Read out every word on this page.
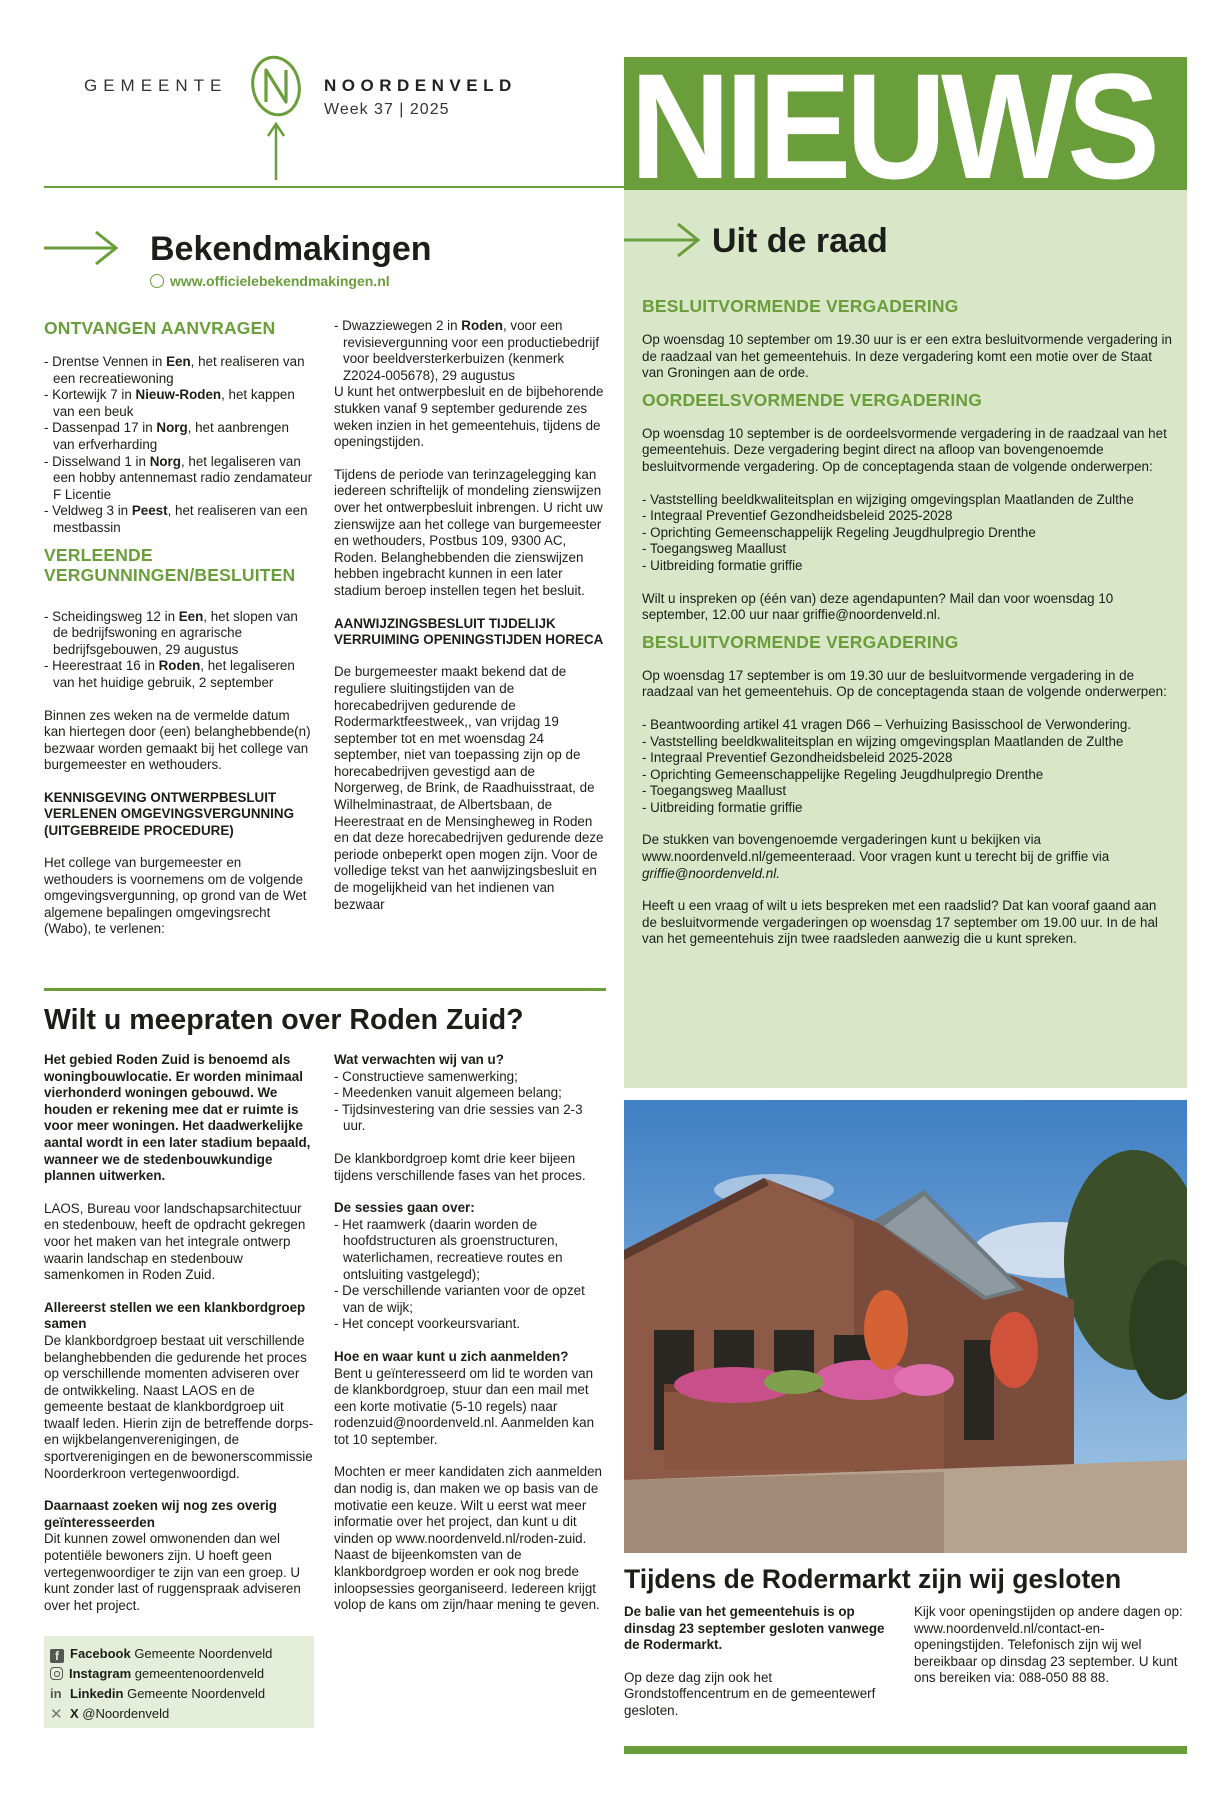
GEMEENTE	NOORDENVELD
Week 37 | 2025 NIEUWS
Bekendmakingen
www.officielebekendmakingen.nl
ONTVANGEN AANVRAGEN

- Drentse Vennen in Een, het realiseren van een recreatiewoning

- Kortewijk 7 in Nieuw-Roden, het kappen van een beuk

- Dassenpad 17 in Norg, het aanbrengen van erfverharding

- Disselwand 1 in Norg, het legaliseren van een hobby antennemast radio zendamateur F Licentie

- Veldweg 3 in Peest, het realiseren van een mestbassin

VERLEENDE VERGUNNINGEN/BESLUITEN

- Scheidingsweg 12 in Een, het slopen van de bedrijfswoning en agrarische bedrijfsgebouwen, 29 augustus

- Heerestraat 16 in Roden, het legaliseren van het huidige gebruik, 2 september

Binnen zes weken na de vermelde datum kan hiertegen door (een) belanghebbende(n) bezwaar worden gemaakt bij het college van burgemeester en wethouders.

KENNISGEVING ONTWERPBESLUIT VERLENEN OMGEVINGSVERGUNNING (UITGEBREIDE PROCEDURE)

Het college van burgemeester en wethouders is voornemens om de volgende omgevingsvergunning, op grond van de Wet algemene bepalingen omgevingsrecht (Wabo), te verlenen:

- Dwazziewegen 2 in Roden, voor een revisievergunning voor een productiebedrijf voor beeldversterkerbuizen (kenmerk Z2024-005678), 29 augustus

U kunt het ontwerpbesluit en de bijbehorende stukken vanaf 9 september gedurende zes weken inzien in het gemeentehuis, tijdens de openingstijden.

Tijdens de periode van terinzagelegging kan iedereen schriftelijk of mondeling zienswijzen over het ontwerpbesluit inbrengen. U richt uw zienswijze aan het college van burgemeester en wethouders, Postbus 109, 9300 AC, Roden. Belanghebbenden die zienswijzen hebben ingebracht kunnen in een later stadium beroep instellen tegen het besluit.

AANWIJZINGSBESLUIT TIJDELIJK VERRUIMING OPENINGSTIJDEN HORECA

De burgemeester maakt bekend dat de reguliere sluitingstijden van de horecabedrijven gedurende de Rodermarktfeestweek,, van vrijdag 19 september tot en met woensdag 24 september, niet van toepassing zijn op de horecabedrijven gevestigd aan de Norgerweg, de Brink, de Raadhuisstraat, de Wilhelminastraat, de Albertsbaan, de Heerestraat en de Mensingheweg in Roden en dat deze horecabedrijven gedurende deze periode onbeperkt open mogen zijn. Voor de volledige tekst van het aanwijzingsbesluit en de mogelijkheid van het indienen van bezwaar

Uit de raad
BESLUITVORMENDE VERGADERING

Op woensdag 10 september om 19.30 uur is er een extra besluitvormende vergadering in de raadzaal van het gemeentehuis. In deze vergadering komt een motie over de Staat van Groningen aan de orde.

OORDEELSVORMENDE VERGADERING

Op woensdag 10 september is de oordeelsvormende vergadering in de raadzaal van het gemeentehuis. Deze vergadering begint direct na afloop van bovengenoemde besluitvormende vergadering. Op de conceptagenda staan de volgende onderwerpen:

- Vaststelling beeldkwaliteitsplan en wijziging omgevingsplan Maatlanden de Zulthe

- Integraal Preventief Gezondheidsbeleid 2025-2028

- Oprichting Gemeenschappelijk Regeling Jeugdhulpregio Drenthe

- Toegangsweg Maallust

- Uitbreiding formatie griffie

Wilt u inspreken op (één van) deze agendapunten? Mail dan voor woensdag 10 september, 12.00 uur naar griffie@noordenveld.nl.

BESLUITVORMENDE VERGADERING

Op woensdag 17 september is om 19.30 uur de besluitvormende vergadering in de raadzaal van het gemeentehuis. Op de conceptagenda staan de volgende onderwerpen:

- Beantwoording artikel 41 vragen D66 – Verhuizing Basisschool de Verwondering.

- Vaststelling beeldkwaliteitsplan en wijzing omgevingsplan Maatlanden de Zulthe

- Integraal Preventief Gezondheidsbeleid 2025-2028

- Oprichting Gemeenschappelijke Regeling Jeugdhulpregio Drenthe

- Toegangsweg Maallust

- Uitbreiding formatie griffie

De stukken van bovengenoemde vergaderingen kunt u bekijken via www.noordenveld.nl/gemeenteraad. Voor vragen kunt u terecht bij de griffie via griffie@noordenveld.nl.

Heeft u een vraag of wilt u iets bespreken met een raadslid? Dat kan vooraf gaand aan de besluitvormende vergaderingen op woensdag 17 september om 19.00 uur. In de hal van het gemeentehuis zijn twee raadsleden aanwezig die u kunt spreken.

Wilt u meepraten over Roden Zuid?

Het gebied Roden Zuid is benoemd als woningbouwlocatie. Er worden minimaal vierhonderd woningen gebouwd. We houden er rekening mee dat er ruimte is voor meer woningen. Het daadwerkelijke aantal wordt in een later stadium bepaald, wanneer we de stedenbouwkundige plannen uitwerken.

LAOS, Bureau voor landschapsarchitectuur en stedenbouw, heeft de opdracht gekregen voor het maken van het integrale ontwerp waarin landschap en stedenbouw samenkomen in Roden Zuid.

Allereerst stellen we een klankbordgroep samen

De klankbordgroep bestaat uit verschillende belanghebbenden die gedurende het proces op verschillende momenten adviseren over de ontwikkeling. Naast LAOS en de gemeente bestaat de klankbordgroep uit twaalf leden. Hierin zijn de betreffende dorps- en wijkbelangenverenigingen, de sportverenigingen en de bewonerscommissie Noorderkroon vertegenwoordigd.

Daarnaast zoeken wij nog zes overig geïnteresseerden

Dit kunnen zowel omwonenden dan wel potentiële bewoners zijn. U hoeft geen vertegenwoordiger te zijn van een groep. U kunt zonder last of ruggenspraak adviseren over het project.

Wat verwachten wij van u?

- Constructieve samenwerking;

- Meedenken vanuit algemeen belang;

- Tijdsinvestering van drie sessies van 2-3 uur.

De klankbordgroep komt drie keer bijeen tijdens verschillende fases van het proces.

De sessies gaan over:

- Het raamwerk (daarin worden de hoofdstructuren als groenstructuren, waterlichamen, recreatieve routes en ontsluiting vastgelegd);

- De verschillende varianten voor de opzet van de wijk;

- Het concept voorkeursvariant.

Hoe en waar kunt u zich aanmelden?

Bent u geïnteresseerd om lid te worden van de klankbordgroep, stuur dan een mail met een korte motivatie (5-10 regels) naar rodenzuid@noordenveld.nl. Aanmelden kan tot 10 september.

Mochten er meer kandidaten zich aanmelden dan nodig is, dan maken we op basis van de motivatie een keuze. Wilt u eerst wat meer informatie over het project, dan kunt u dit vinden op www.noordenveld.nl/roden-zuid. Naast de bijeenkomsten van de klankbordgroep worden er ook nog brede inloopsessies georganiseerd. Iedereen krijgt volop de kans om zijn/haar mening te geven.

f Facebook Gemeente Noordenveld
Instagram gemeentenoordenveld
in Linkedin Gemeente Noordenveld
✕ X @Noordenveld
Tijdens de Rodermarkt zijn wij gesloten

De balie van het gemeentehuis is op dinsdag 23 september gesloten vanwege de Rodermarkt.

Op deze dag zijn ook het Grondstoffencentrum en de gemeentewerf gesloten.

Kijk voor openingstijden op andere dagen op: www.noordenveld.nl/contact-en-openingstijden. Telefonisch zijn wij wel bereikbaar op dinsdag 23 september. U kunt ons bereiken via: 088-050 88 88.
